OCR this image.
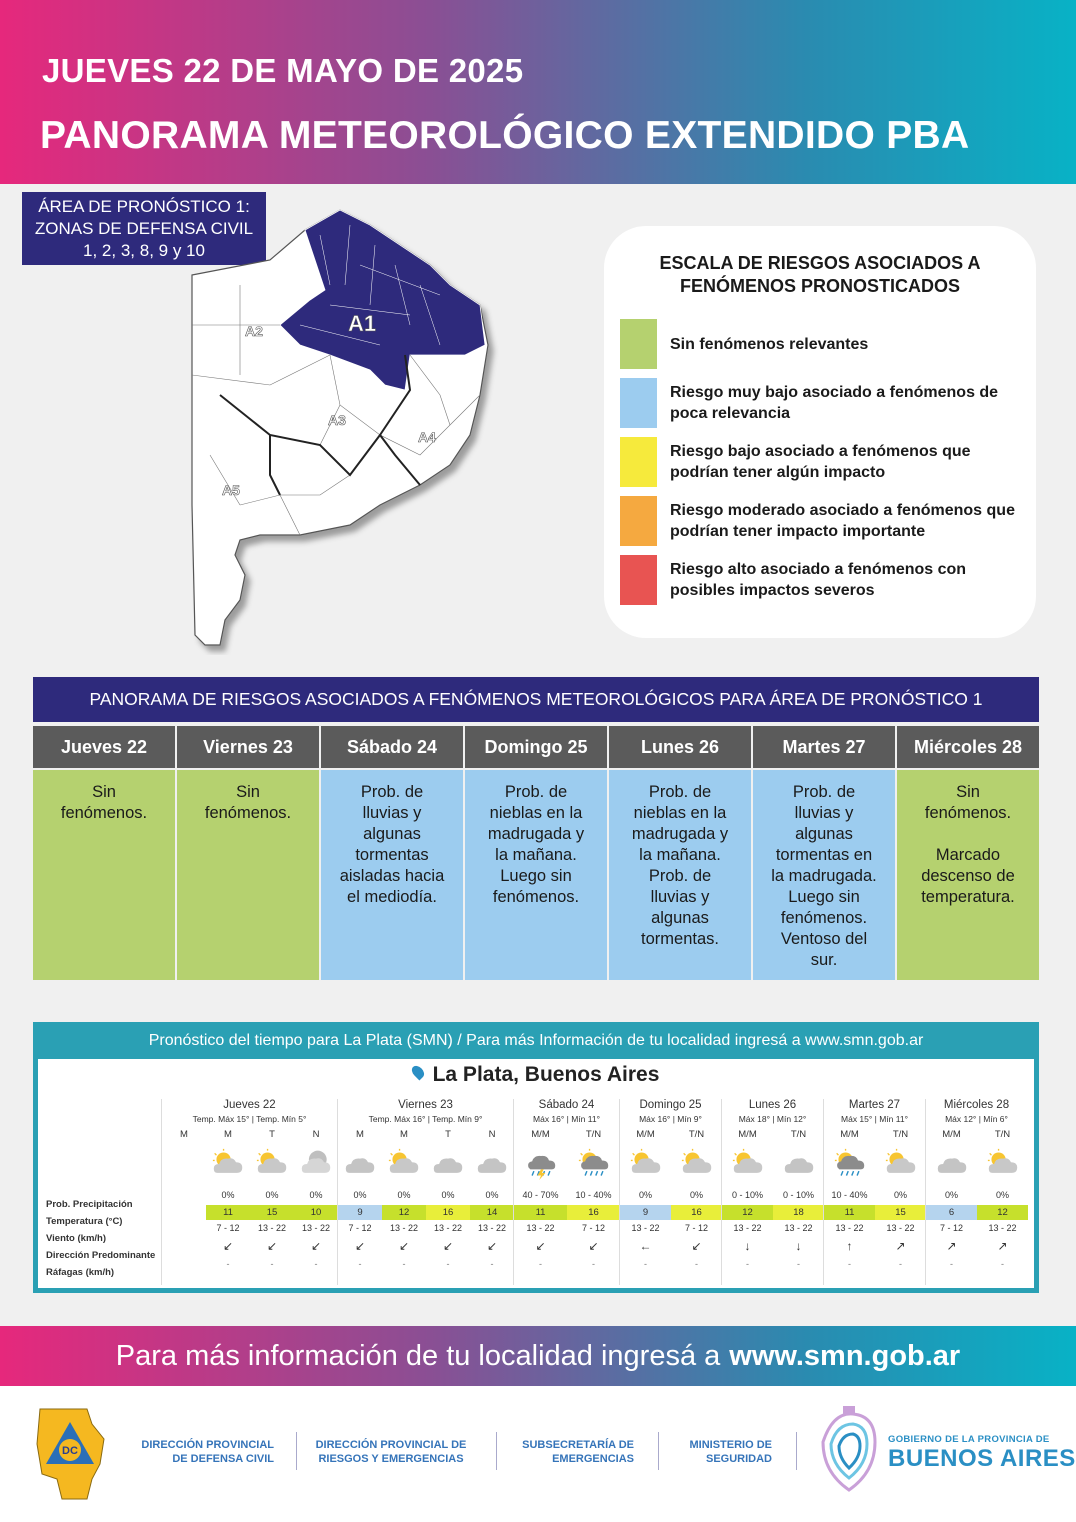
JUEVES 22 DE MAYO DE 2025
PANORAMA METEOROLÓGICO EXTENDIDO PBA
ÁREA DE PRONÓSTICO 1:
ZONAS DE DEFENSA CIVIL
1, 2, 3, 8, 9 y 10
A1
A2
A3
A4
A5
ESCALA DE RIESGOS ASOCIADOS A
FENÓMENOS PRONOSTICADOS
Sin fenómenos relevantes
Riesgo muy bajo asociado a fenómenos de poca relevancia
Riesgo bajo asociado a fenómenos que podrían tener algún impacto
Riesgo moderado asociado a fenómenos que podrían tener impacto importante
Riesgo alto asociado a fenómenos con posibles impactos severos
PANORAMA DE RIESGOS ASOCIADOS A FENÓMENOS METEOROLÓGICOS PARA ÁREA DE PRONÓSTICO 1
Jueves 22
Sin
fenómenos.
Viernes 23
Sin
fenómenos.
Sábado 24
Prob. de
lluvias y
algunas
tormentas
aisladas hacia
el mediodía.
Domingo 25
Prob. de
nieblas en la
madrugada y
la mañana.
Luego sin
fenómenos.
Lunes 26
Prob. de
nieblas en la
madrugada y
la mañana.
Prob. de
lluvias y
algunas
tormentas.
Martes 27
Prob. de
lluvias y
algunas
tormentas en
la madrugada.
Luego sin
fenómenos.
Ventoso del
sur.
Miércoles 28
Sin
fenómenos.

Marcado
descenso de
temperatura.
Pronóstico del tiempo para La Plata (SMN) / Para más Información de tu localidad ingresá a www.smn.gob.ar
La Plata, Buenos Aires
Prob. Precipitación
Temperatura (°C)
Viento (km/h)
Dirección Predominante
Ráfagas (km/h)
Jueves 22
Temp. Máx 15° | Temp. Mín 5°
M	M
0%
11
7 - 12
↙
-
T
0%
15
13 - 22
↙
-
N
0%
10
13 - 22
↙
-
Viernes 23
Temp. Máx 16° | Temp. Mín 9°
M
0%
9
7 - 12
↙
-
M
0%
12
13 - 22
↙
-
T
0%
16
13 - 22
↙
-
N
0%
14
13 - 22
↙
-
Sábado 24
Máx 16° | Mín 11°
M/M
40 - 70%
11
13 - 22
↙
-
T/N
10 - 40%
16
7 - 12
↙
-
Domingo 25
Máx 16° | Mín 9°
M/M
0%
9
13 - 22
←
-
T/N
0%
16
7 - 12
↙
-
Lunes 26
Máx 18° | Mín 12°
M/M
0 - 10%
12
13 - 22
↓
-
T/N
0 - 10%
18
13 - 22
↓
-
Martes 27
Máx 15° | Mín 11°
M/M
10 - 40%
11
13 - 22
↑
-
T/N
0%
15
13 - 22
↗
-
Miércoles 28
Máx 12° | Mín 6°
M/M
0%
6
7 - 12
↗
-
T/N
0%
12
13 - 22
↗
-
Para más información de tu localidad ingresá a www.smn.gob.ar
DC	DIRECCIÓN PROVINCIAL
DE DEFENSA CIVIL
DIRECCIÓN PROVINCIAL DE
RIESGOS Y EMERGENCIAS
SUBSECRETARÍA DE
EMERGENCIAS
MINISTERIO DE
SEGURIDAD
GOBIERNO DE LA PROVINCIA DE
BUENOS AIRES
